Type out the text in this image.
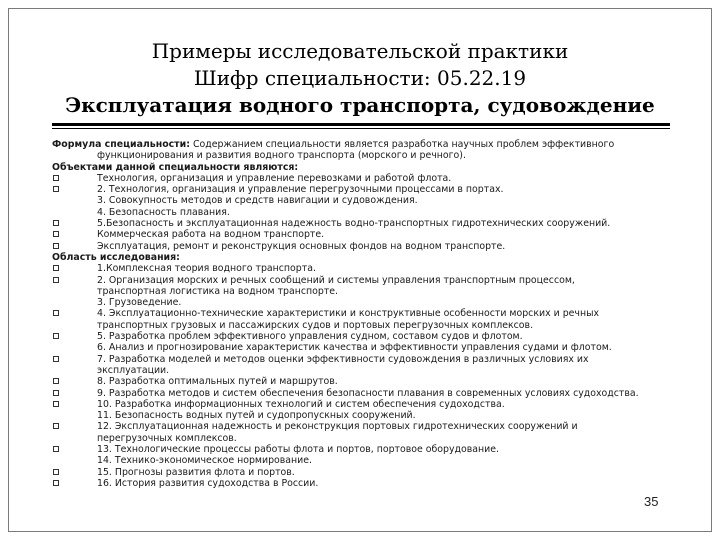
Примеры исследовательской практики
Шифр специальности: 05.22.19
Эксплуатация водного транспорта, судовождение
Формула специальности: Содержанием специальности является разработка научных проблем эффективного
функционирования и развития водного транспорта (морского и речного).
Объектами данной специальности являются:
Технология, организация и управление перевозками и работой флота.
2. Технология, организация и управление перегрузочными процессами в портах.
3. Совокупность методов и средств навигации и судовождения.
4. Безопасность плавания.
5.Безопасность и эксплуатационная надежность водно-транспортных гидротехнических сооружений.
Коммерческая работа на водном транспорте.
Эксплуатация, ремонт и реконструкция основных фондов на водном транспорте.
Область исследования:
1.Комплексная теория водного транспорта.
2. Организация морских и речных сообщений и системы управления транспортным процессом,
транспортная логистика на водном транспорте.
3. Грузоведение.
4. Эксплуатационно-технические характеристики и конструктивные особенности морских и речных
транспортных грузовых и пассажирских судов и портовых перегрузочных комплексов.
5. Разработка проблем эффективного управления судном, составом судов и флотом.
6. Анализ и прогнозирование характеристик качества и эффективности управления судами и флотом.
7. Разработка моделей и методов оценки эффективности судовождения в различных условиях их
эксплуатации.
8. Разработка оптимальных путей и маршрутов.
9. Разработка методов и систем обеспечения безопасности плавания в современных условиях судоходства.
10. Разработка информационных технологий и систем обеспечения судоходства.
11. Безопасность водных путей и судопропускных сооружений.
12. Эксплуатационная надежность и реконструкция портовых гидротехнических сооружений и
перегрузочных комплексов.
13. Технологические процессы работы флота и портов, портовое оборудование.
14. Технико-экономическое нормирование.
15. Прогнозы развития флота и портов.
16. История развития судоходства в России.
35
